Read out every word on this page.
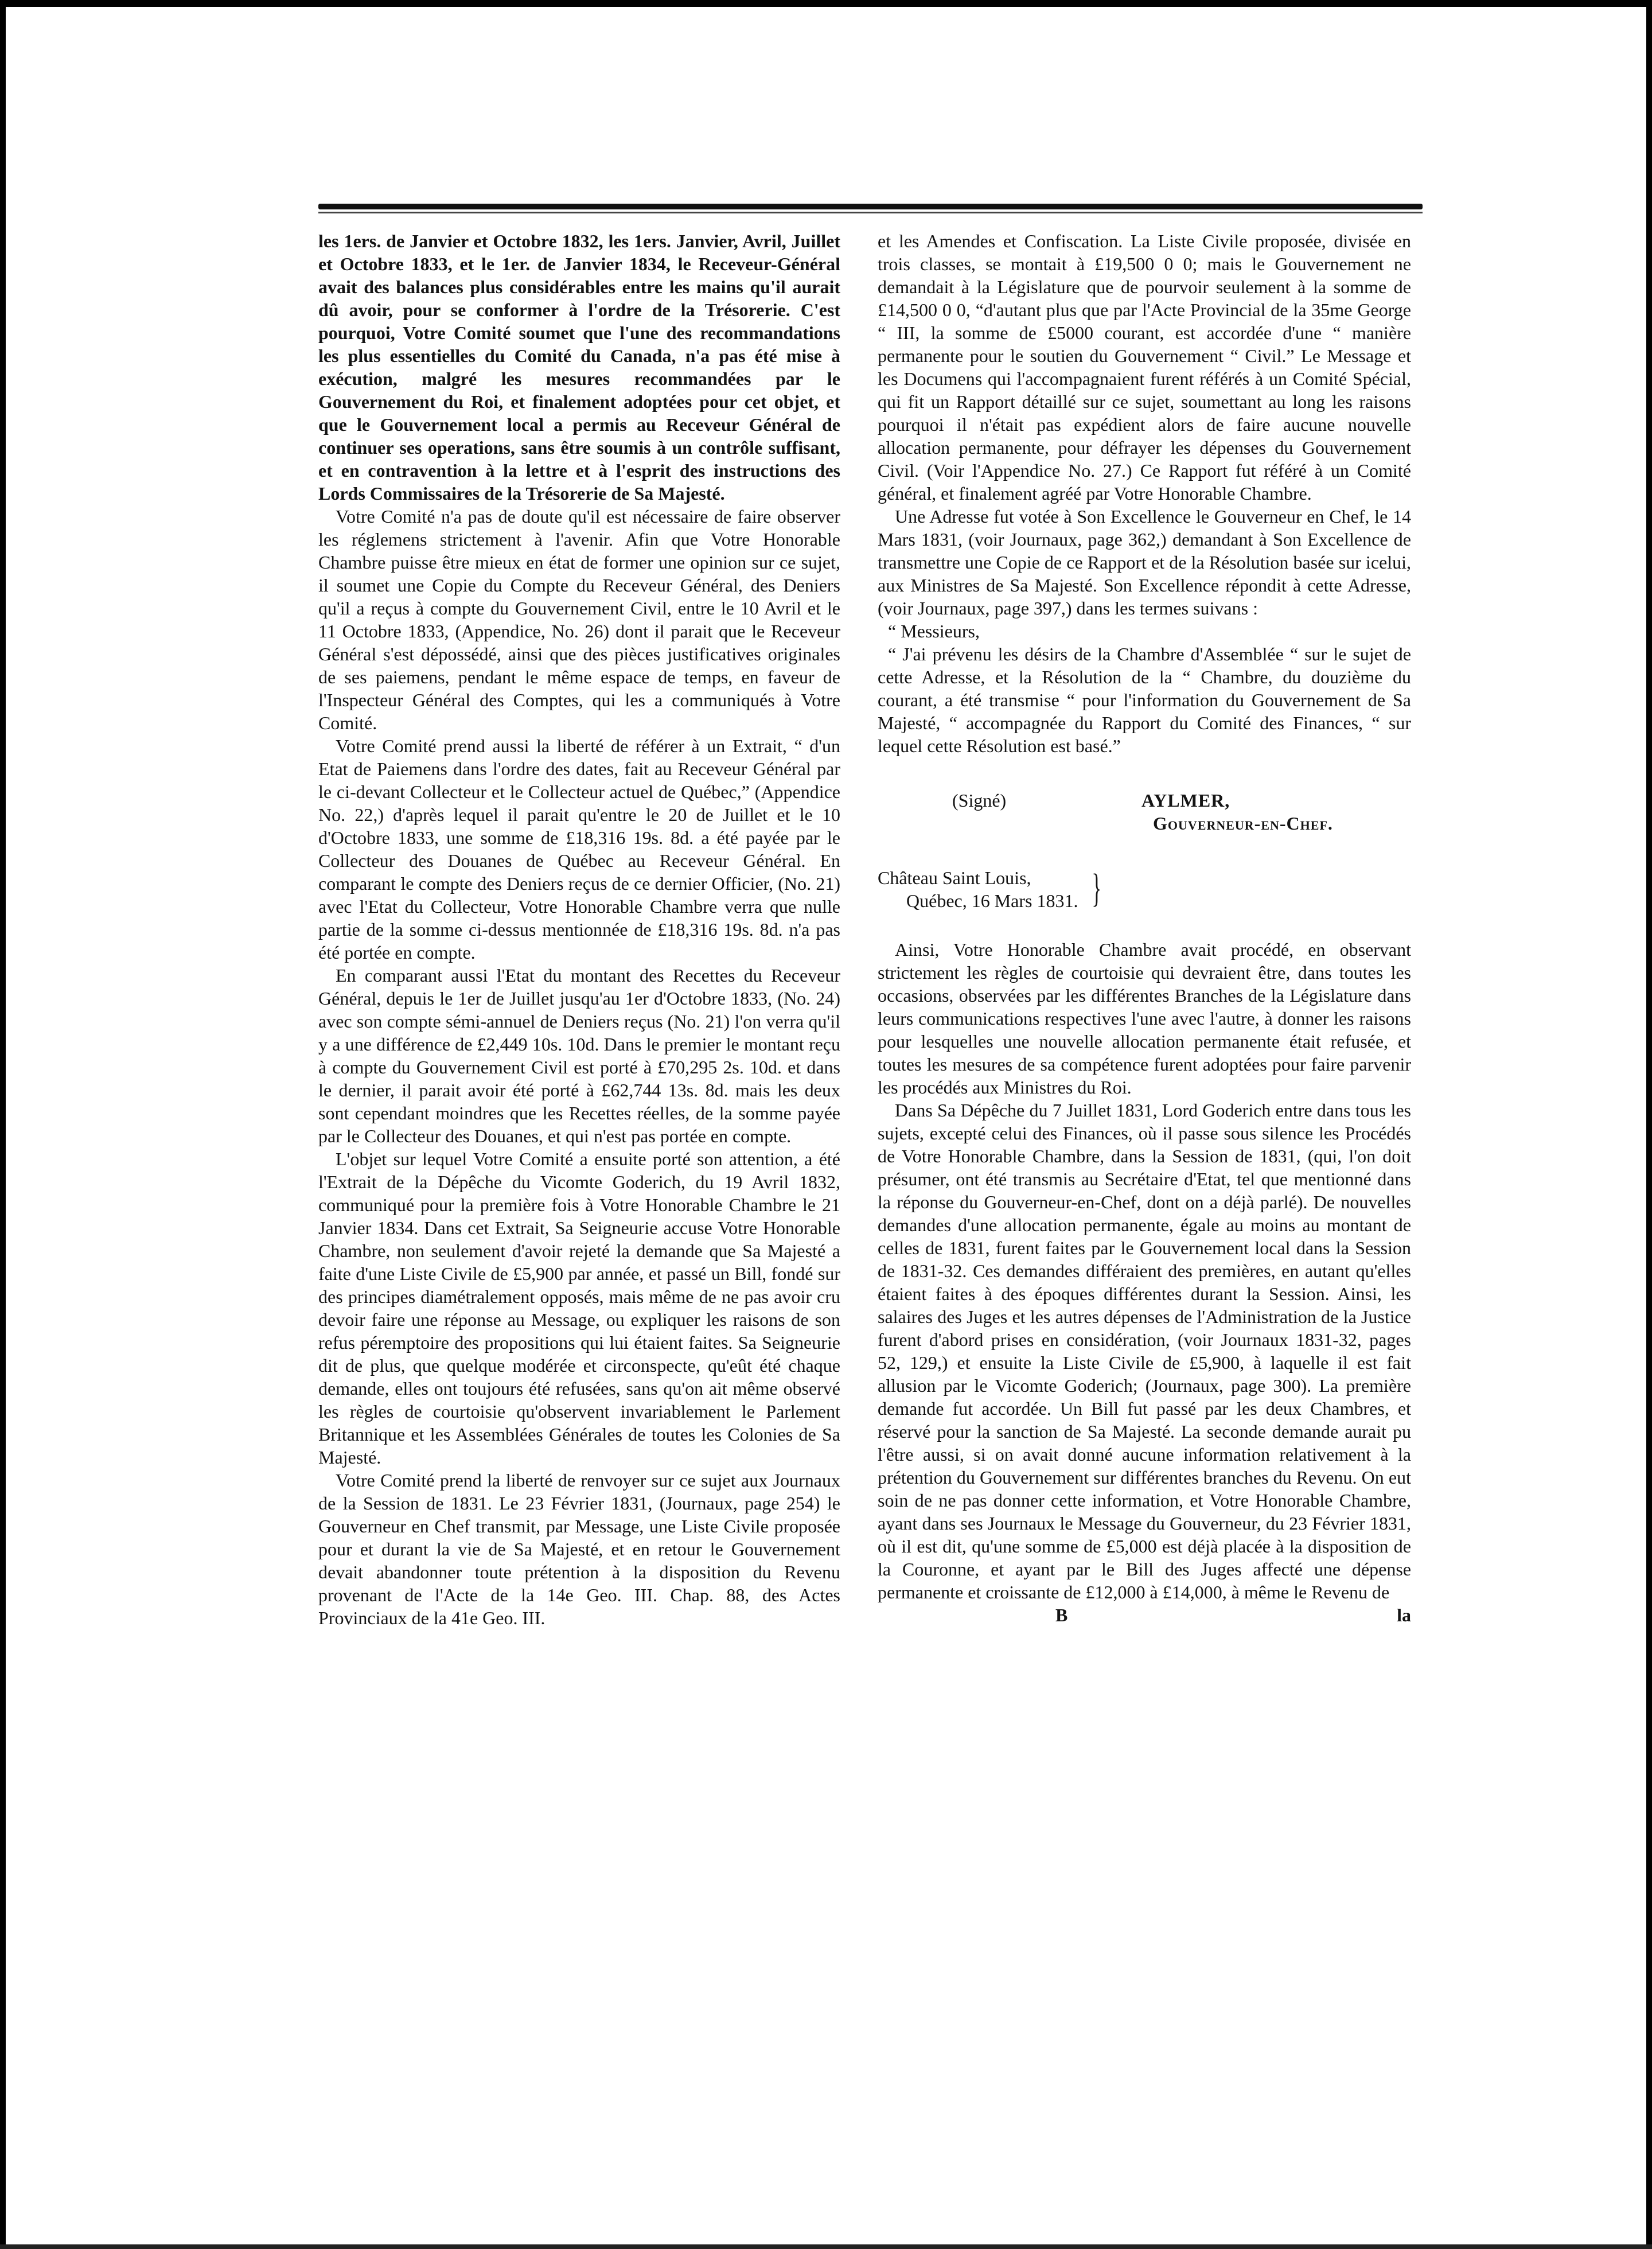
les 1ers. de Janvier et Octobre 1832, les 1ers. Janvier, Avril, Juillet et Octobre 1833, et le 1er. de Janvier 1834, le Receveur-Général avait des balances plus considérables entre les mains qu'il aurait dû avoir, pour se conformer à l'ordre de la Trésorerie. C'est pourquoi, Votre Comité soumet que l'une des recommandations les plus essentielles du Comité du Canada, n'a pas été mise à exécution, malgré les mesures recommandées par le Gouvernement du Roi, et finalement adoptées pour cet objet, et que le Gouvernement local a permis au Receveur Général de continuer ses operations, sans être soumis à un contrôle suffisant, et en contravention à la lettre et à l'esprit des instructions des Lords Commissaires de la Trésorerie de Sa Majesté.

Votre Comité n'a pas de doute qu'il est nécessaire de faire observer les réglemens strictement à l'avenir. Afin que Votre Honorable Chambre puisse être mieux en état de former une opinion sur ce sujet, il soumet une Copie du Compte du Receveur Général, des Deniers qu'il a reçus à compte du Gouvernement Civil, entre le 10 Avril et le 11 Octobre 1833, (Appendice, No. 26) dont il parait que le Receveur Général s'est dépossédé, ainsi que des pièces justificatives originales de ses paiemens, pendant le même espace de temps, en faveur de l'Inspecteur Général des Comptes, qui les a communiqués à Votre Comité.

Votre Comité prend aussi la liberté de référer à un Extrait, “ d'un Etat de Paiemens dans l'ordre des dates, fait au Receveur Général par le ci-devant Collecteur et le Collecteur actuel de Québec,” (Appendice No. 22,) d'après lequel il parait qu'entre le 20 de Juillet et le 10 d'Octobre 1833, une somme de £18,316 19s. 8d. a été payée par le Collecteur des Douanes de Québec au Receveur Général. En comparant le compte des Deniers reçus de ce dernier Officier, (No. 21) avec l'Etat du Collecteur, Votre Honorable Chambre verra que nulle partie de la somme ci-dessus mentionnée de £18,316 19s. 8d. n'a pas été portée en compte.

En comparant aussi l'Etat du montant des Recettes du Receveur Général, depuis le 1er de Juillet jusqu'au 1er d'Octobre 1833, (No. 24) avec son compte sémi-annuel de Deniers reçus (No. 21) l'on verra qu'il y a une différence de £2,449 10s. 10d. Dans le premier le montant reçu à compte du Gouvernement Civil est porté à £70,295 2s. 10d. et dans le dernier, il parait avoir été porté à £62,744 13s. 8d. mais les deux sont cependant moindres que les Recettes réelles, de la somme payée par le Collecteur des Douanes, et qui n'est pas portée en compte.

L'objet sur lequel Votre Comité a ensuite porté son attention, a été l'Extrait de la Dépêche du Vicomte Goderich, du 19 Avril 1832, communiqué pour la première fois à Votre Honorable Chambre le 21 Janvier 1834. Dans cet Extrait, Sa Seigneurie accuse Votre Honorable Chambre, non seulement d'avoir rejeté la demande que Sa Majesté a faite d'une Liste Civile de £5,900 par année, et passé un Bill, fondé sur des principes diamétralement opposés, mais même de ne pas avoir cru devoir faire une réponse au Message, ou expliquer les raisons de son refus péremptoire des propositions qui lui étaient faites. Sa Seigneurie dit de plus, que quelque modérée et circonspecte, qu'eût été chaque demande, elles ont toujours été refusées, sans qu'on ait même observé les règles de courtoisie qu'observent invariablement le Parlement Britannique et les Assemblées Générales de toutes les Colonies de Sa Majesté.

Votre Comité prend la liberté de renvoyer sur ce sujet aux Journaux de la Session de 1831. Le 23 Février 1831, (Journaux, page 254) le Gouverneur en Chef transmit, par Message, une Liste Civile proposée pour et durant la vie de Sa Majesté, et en retour le Gouvernement devait abandonner toute prétention à la disposition du Revenu provenant de l'Acte de la 14e Geo. III. Chap. 88, des Actes Provinciaux de la 41e Geo. III.

et les Amendes et Confiscation. La Liste Civile proposée, divisée en trois classes, se montait à £19,500 0 0; mais le Gouvernement ne demandait à la Législature que de pourvoir seulement à la somme de £14,500 0 0, “d'autant plus que par l'Acte Provincial de la 35me George “ III, la somme de £5000 courant, est accordée d'une “ manière permanente pour le soutien du Gouvernement “ Civil.” Le Message et les Documens qui l'accompagnaient furent référés à un Comité Spécial, qui fit un Rapport détaillé sur ce sujet, soumettant au long les raisons pourquoi il n'était pas expédient alors de faire aucune nouvelle allocation permanente, pour défrayer les dépenses du Gouvernement Civil. (Voir l'Appendice No. 27.) Ce Rapport fut référé à un Comité général, et finalement agréé par Votre Honorable Chambre.

Une Adresse fut votée à Son Excellence le Gouverneur en Chef, le 14 Mars 1831, (voir Journaux, page 362,) demandant à Son Excellence de transmettre une Copie de ce Rapport et de la Résolution basée sur icelui, aux Ministres de Sa Majesté. Son Excellence répondit à cette Adresse, (voir Journaux, page 397,) dans les termes suivans :

“ Messieurs,

“ J'ai prévenu les désirs de la Chambre d'Assemblée “ sur le sujet de cette Adresse, et la Résolution de la “ Chambre, du douzième du courant, a été transmise “ pour l'information du Gouvernement de Sa Majesté, “ accompagnée du Rapport du Comité des Finances, “ sur lequel cette Résolution est basé.”

(Signé)	AYLMER,
Gouverneur-en-Chef.
Château Saint Louis,
Québec, 16 Mars 1831. }

Ainsi, Votre Honorable Chambre avait procédé, en observant strictement les règles de courtoisie qui devraient être, dans toutes les occasions, observées par les différentes Branches de la Législature dans leurs communications respectives l'une avec l'autre, à donner les raisons pour lesquelles une nouvelle allocation permanente était refusée, et toutes les mesures de sa compétence furent adoptées pour faire parvenir les procédés aux Ministres du Roi.

Dans Sa Dépêche du 7 Juillet 1831, Lord Goderich entre dans tous les sujets, excepté celui des Finances, où il passe sous silence les Procédés de Votre Honorable Chambre, dans la Session de 1831, (qui, l'on doit présumer, ont été transmis au Secrétaire d'Etat, tel que mentionné dans la réponse du Gouverneur-en-Chef, dont on a déjà parlé). De nouvelles demandes d'une allocation permanente, égale au moins au montant de celles de 1831, furent faites par le Gouvernement local dans la Session de 1831-32. Ces demandes différaient des premières, en autant qu'elles étaient faites à des époques différentes durant la Session. Ainsi, les salaires des Juges et les autres dépenses de l'Administration de la Justice furent d'abord prises en considération, (voir Journaux 1831-32, pages 52, 129,) et ensuite la Liste Civile de £5,900, à laquelle il est fait allusion par le Vicomte Goderich; (Journaux, page 300). La première demande fut accordée. Un Bill fut passé par les deux Chambres, et réservé pour la sanction de Sa Majesté. La seconde demande aurait pu l'être aussi, si on avait donné aucune information relativement à la prétention du Gouvernement sur différentes branches du Revenu. On eut soin de ne pas donner cette information, et Votre Honorable Chambre, ayant dans ses Journaux le Message du Gouverneur, du 23 Février 1831, où il est dit, qu'une somme de £5,000 est déjà placée à la disposition de la Couronne, et ayant par le Bill des Juges affecté une dépense permanente et croissante de £12,000 à £14,000, à même le Revenu de

B	la
